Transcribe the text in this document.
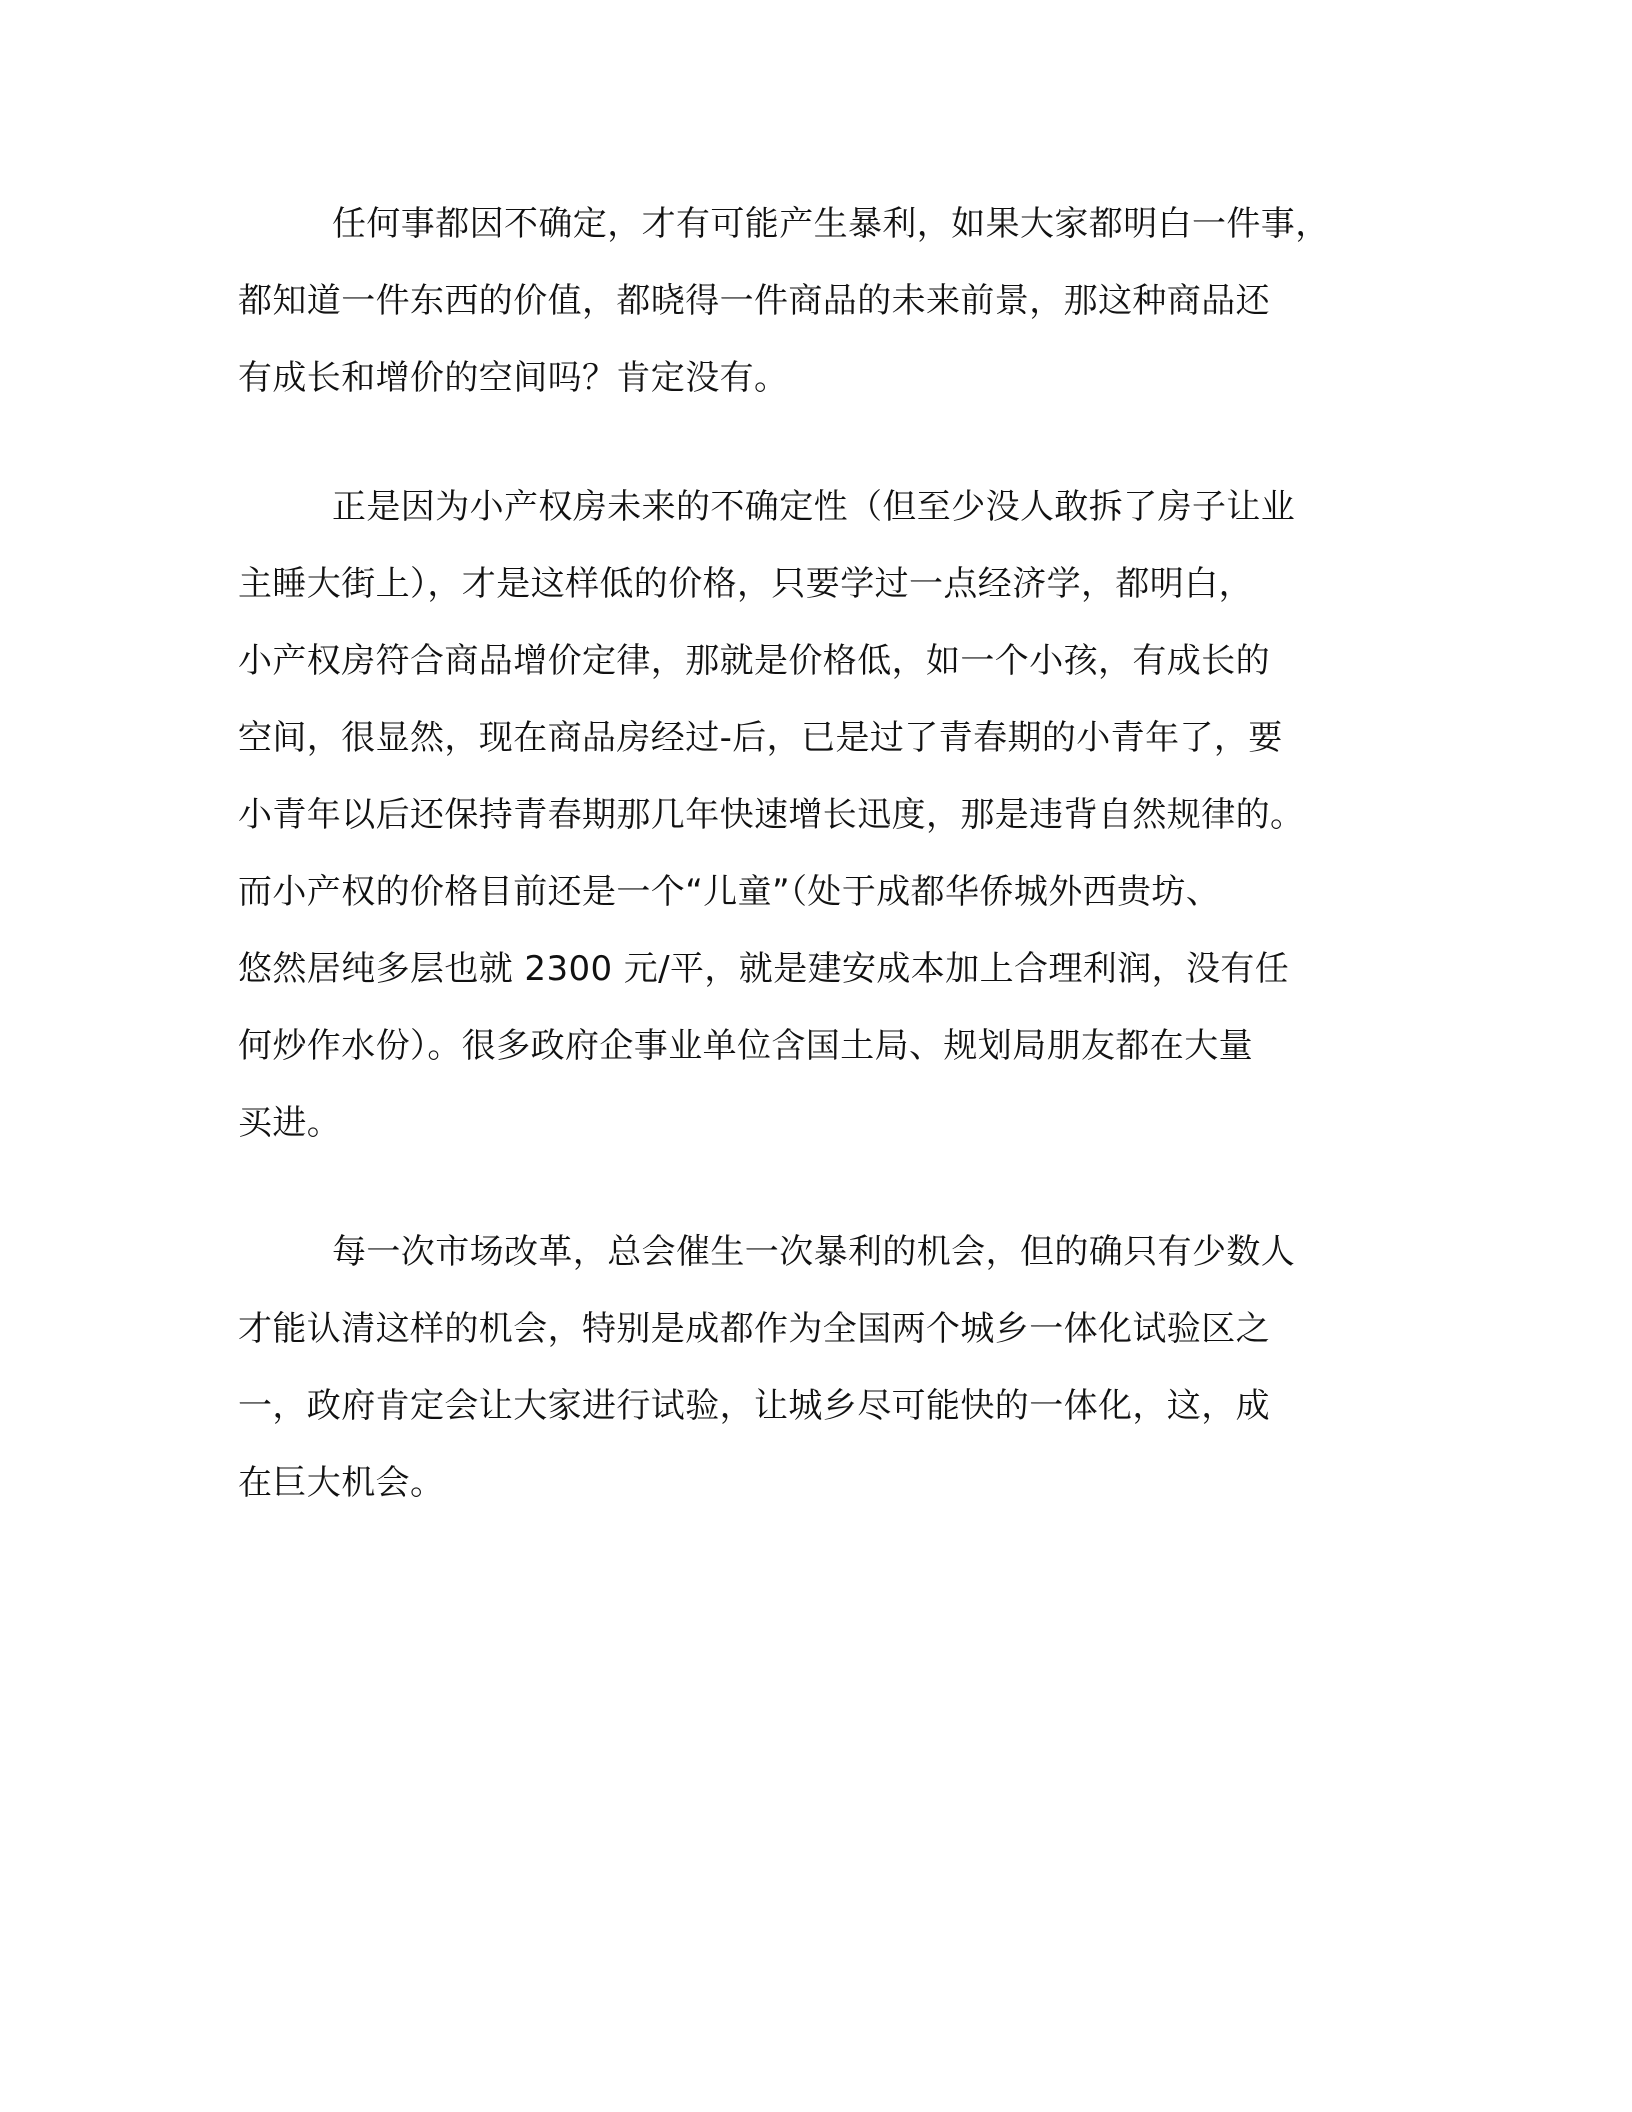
任何事都因不确定，才有可能产生暴利，如果大家都明白一件事，
都知道一件东西的价值，都晓得一件商品的未来前景，那这种商品还
有成长和增价的空间吗？肯定没有。
正是因为小产权房未来的不确定性（但至少没人敢拆了房子让业
主睡大街上），才是这样低的价格，只要学过一点经济学，都明白，
小产权房符合商品增价定律，那就是价格低，如一个小孩，有成长的
空间，很显然，现在商品房经过-后，已是过了青春期的小青年了，要
小青年以后还保持青春期那几年快速增长迅度，那是违背自然规律的。
而小产权的价格目前还是一个“儿童”（处于成都华侨城外西贵坊、
悠然居纯多层也就 2300 元/平，就是建安成本加上合理利润，没有任
何炒作水份）。很多政府企事业单位含国土局、规划局朋友都在大量
买进。
每一次市场改革，总会催生一次暴利的机会，但的确只有少数人
才能认清这样的机会，特别是成都作为全国两个城乡一体化试验区之
一，政府肯定会让大家进行试验，让城乡尽可能快的一体化，这，成
在巨大机会。
